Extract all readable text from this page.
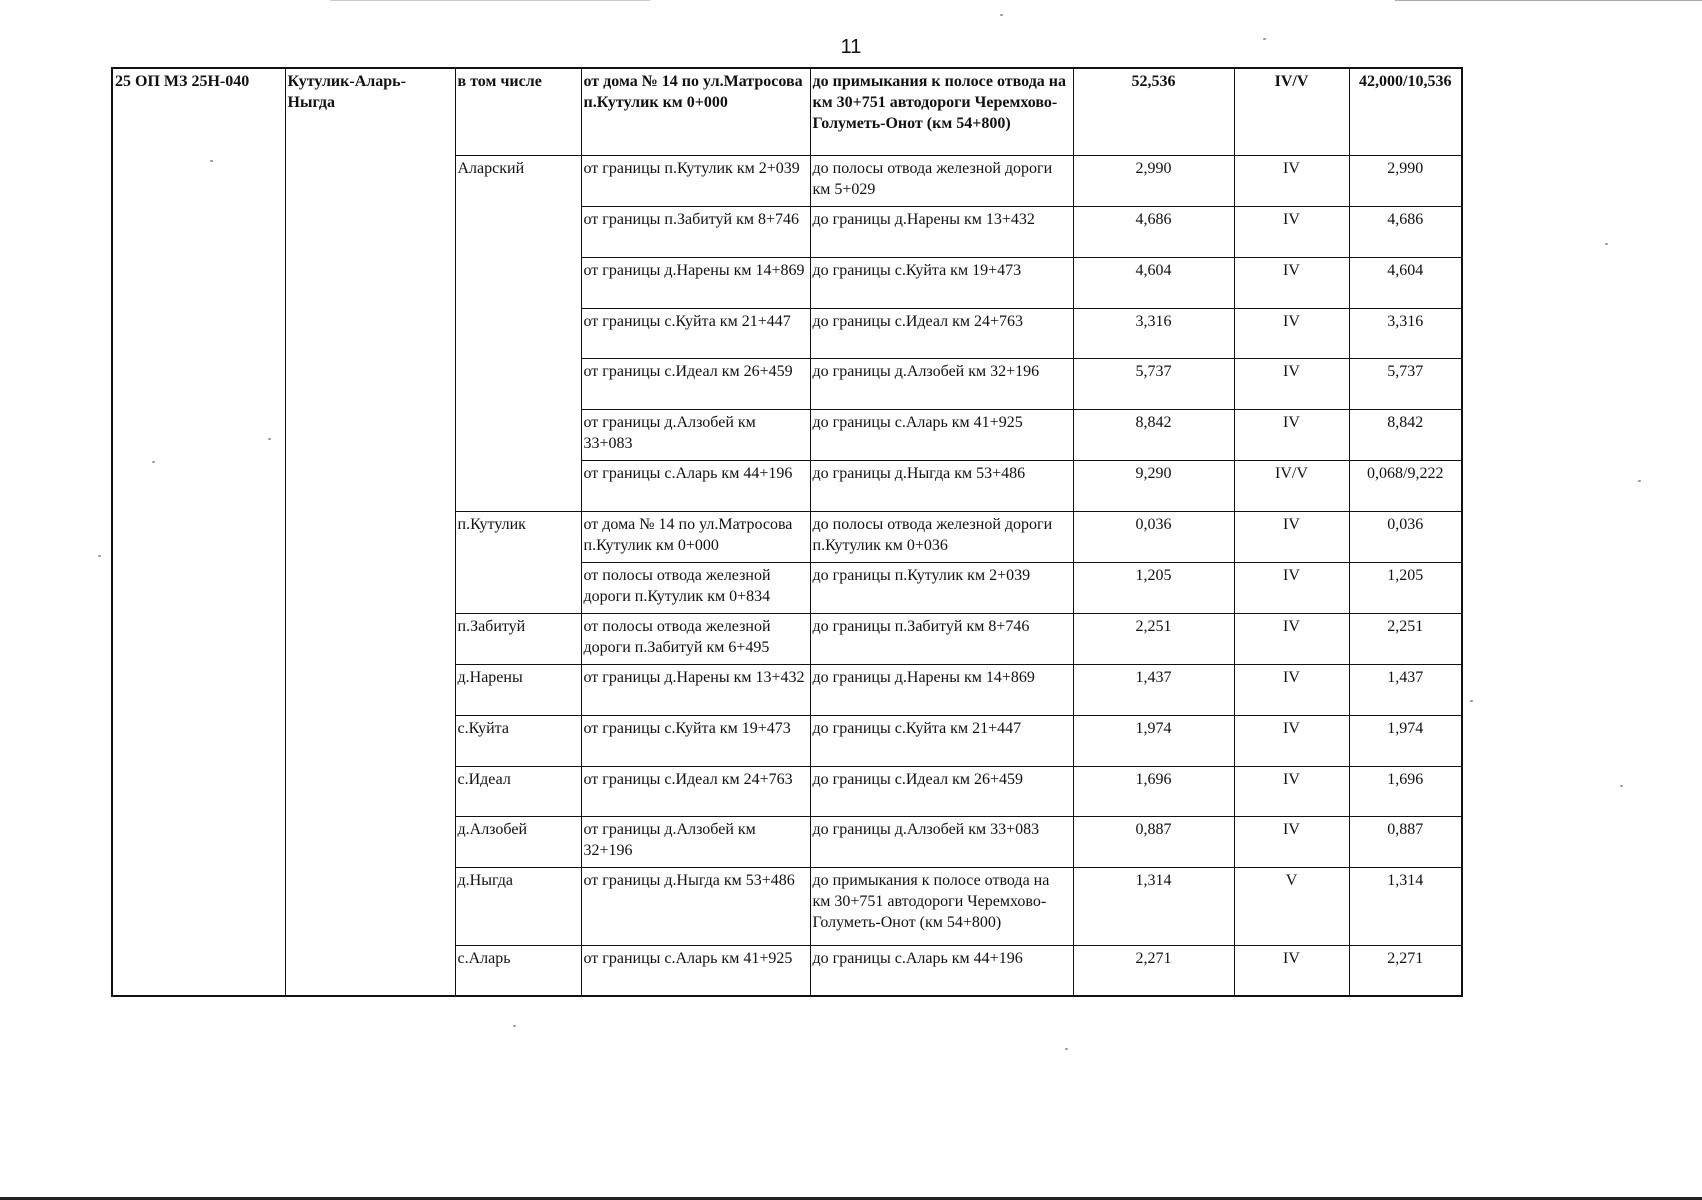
11
25 ОП МЗ 25Н-040	Кутулик-Аларь-Ныгда	в том числе	от дома № 14 по ул.Матросова п.Кутулик км 0+000	до примыкания к полосе отвода на км 30+751 автодороги Черемхово-Голуметь-Онот (км 54+800)	52,536	IV/V	42,000/10,536
		Аларский	от границы п.Кутулик км 2+039	до полосы отвода железной дороги км 5+029	2,990	IV	2,990
			от границы п.Забитуй км 8+746	до границы д.Нарены км 13+432	4,686	IV	4,686
			от границы д.Нарены км 14+869	до границы с.Куйта км 19+473	4,604	IV	4,604
			от границы с.Куйта км 21+447	до границы с.Идеал км 24+763	3,316	IV	3,316
			от границы с.Идеал км 26+459	до границы д.Алзобей км 32+196	5,737	IV	5,737
			от границы д.Алзобей км 33+083	до границы с.Аларь км 41+925	8,842	IV	8,842
			от границы с.Аларь км 44+196	до границы д.Ныгда км 53+486	9,290	IV/V	0,068/9,222
		п.Кутулик	от дома № 14 по ул.Матросова п.Кутулик км 0+000	до полосы отвода железной дороги п.Кутулик км 0+036	0,036	IV	0,036
			от полосы отвода железной дороги п.Кутулик км 0+834	до границы п.Кутулик км 2+039	1,205	IV	1,205
		п.Забитуй	от полосы отвода железной дороги п.Забитуй км 6+495	до границы п.Забитуй км 8+746	2,251	IV	2,251
		д.Нарены	от границы д.Нарены км 13+432	до границы д.Нарены км 14+869	1,437	IV	1,437
		с.Куйта	от границы с.Куйта км 19+473	до границы с.Куйта км 21+447	1,974	IV	1,974
		с.Идеал	от границы с.Идеал км 24+763	до границы с.Идеал км 26+459	1,696	IV	1,696
		д.Алзобей	от границы д.Алзобей км 32+196	до границы д.Алзобей км 33+083	0,887	IV	0,887
		д.Ныгда	от границы д.Ныгда км 53+486	до примыкания к полосе отвода на км 30+751 автодороги Черемхово-Голуметь-Онот (км 54+800)	1,314	V	1,314
		с.Аларь	от границы с.Аларь км 41+925	до границы с.Аларь км 44+196	2,271	IV	2,271
